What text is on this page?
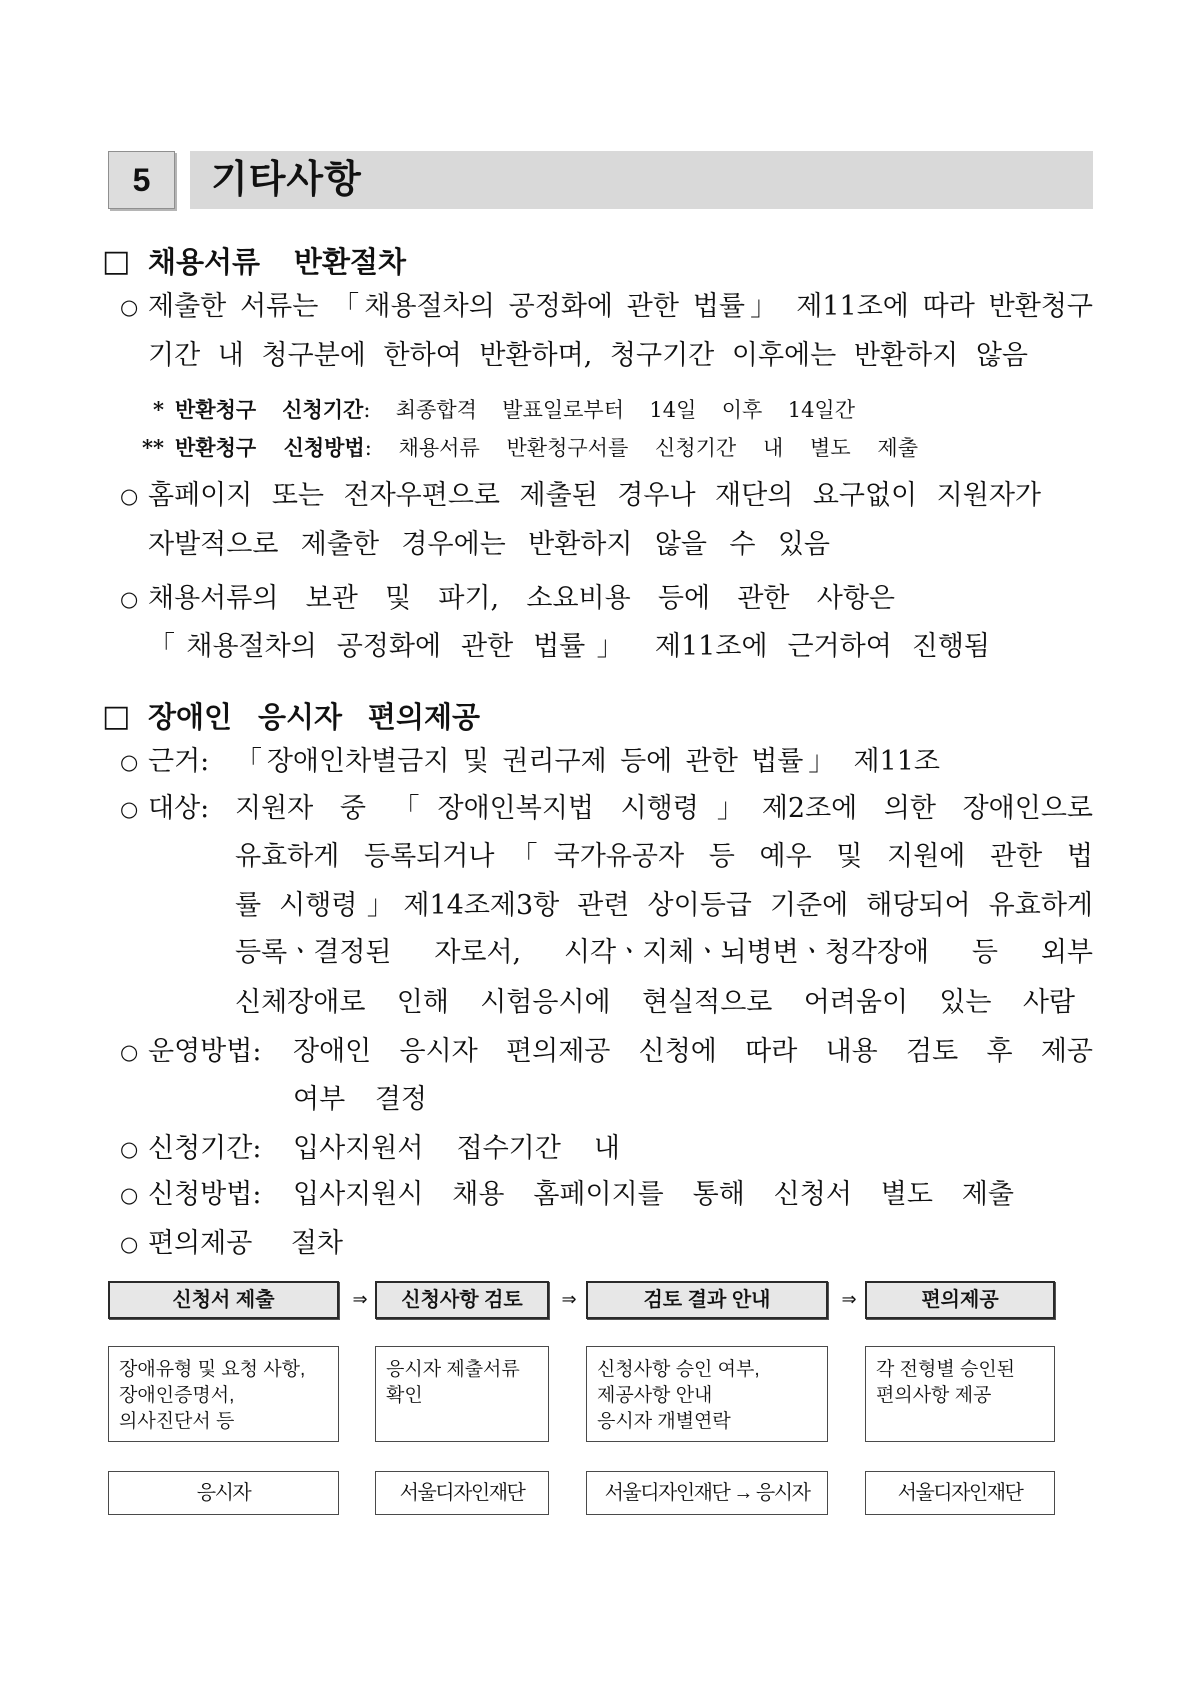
5	기타사항
□ 채용서류 반환절차
○ 제출한 서류는 「채용절차의 공정화에 관한 법률」 제11조에 따라 반환청구
기간 내 청구분에 한하여 반환하며, 청구기간 이후에는 반환하지 않음
* 반환청구 신청기간: 최종합격 발표일로부터 14일 이후 14일간
** 반환청구 신청방법: 채용서류 반환청구서를 신청기간 내 별도 제출
○ 홈페이지 또는 전자우편으로 제출된 경우나 재단의 요구없이 지원자가
자발적으로 제출한 경우에는 반환하지 않을 수 있음
○ 채용서류의 보관 및 파기, 소요비용 등에 관한 사항은
「채용절차의 공정화에 관한 법률」 제11조에 근거하여 진행됨
□ 장애인 응시자 편의제공
○ 근거: 「장애인차별금지 및 권리구제 등에 관한 법률」 제11조
○ 대상: 지원자 중 「장애인복지법 시행령」제2조에 의한 장애인으로
유효하게 등록되거나「국가유공자 등 예우 및 지원에 관한 법
률 시행령」제14조제3항 관련 상이등급 기준에 해당되어 유효하게
등록ㆍ결정된 자로서, 시각ㆍ지체ㆍ뇌병변ㆍ청각장애 등 외부
신체장애로 인해 시험응시에 현실적으로 어려움이 있는 사람
○ 운영방법: 장애인 응시자 편의제공 신청에 따라 내용 검토 후 제공
여부 결정
○ 신청기간: 입사지원서 접수기간 내
○ 신청방법: 입사지원시 채용 홈페이지를 통해 신청서 별도 제출
○ 편의제공 절차
신청서 제출	⇒	신청사항 검토	⇒	검토 결과 안내	⇒	편의제공
장애유형 및 요청 사항,
장애인증명서,
의사진단서 등
응시자 제출서류
확인
신청사항 승인 여부,
제공사항 안내
응시자 개별연락
각 전형별 승인된
편의사항 제공
응시자	서울디자인재단	서울디자인재단 → 응시자	서울디자인재단
